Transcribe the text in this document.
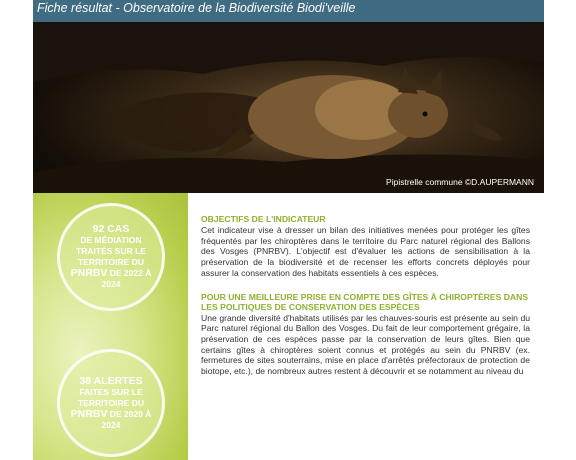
Fiche résultat - Observatoire de la Biodiversité Biodi'veille
Pipistrelle commune ©D.AUPERMANN
92 CAS
DE MÉDIATION TRAITÉS SUR LE TERRITOIRE DU PNRBV DE 2022 À 2024
38 ALERTES
FAITES SUR LE TERRITOIRE DU PNRBV DE 2020 À 2024
OBJECTIFS DE L'INDICATEUR

Cet indicateur vise à dresser un bilan des initiatives menées pour protéger les gîtes fréquentés par les chiroptères dans le territoire du Parc naturel régional des Ballons des Vosges (PNRBV). L'objectif est d'évaluer les actions de sensibilisation à la préservation de la biodiversité et de recenser les efforts concrets déployés pour assurer la conservation des habitats essentiels à ces espèces.

POUR UNE MEILLEURE PRISE EN COMPTE DES GÎTES À CHIROPTÈRES DANS LES POLITIQUES DE CONSERVATION DES ESPÈCES

Une grande diversité d'habitats utilisés par les chauves-souris est présente au sein du Parc naturel régional du Ballon des Vosges. Du fait de leur comportement grégaire, la préservation de ces espèces passe par la conservation de leurs gîtes. Bien que certains gîtes à chiroptères soient connus et protégés au sein du PNRBV (ex. fermetures de sites souterrains, mise en place d'arrêtés préfectoraux de protection de biotope, etc.), de nombreux autres restent à découvrir et se notamment au niveau du
